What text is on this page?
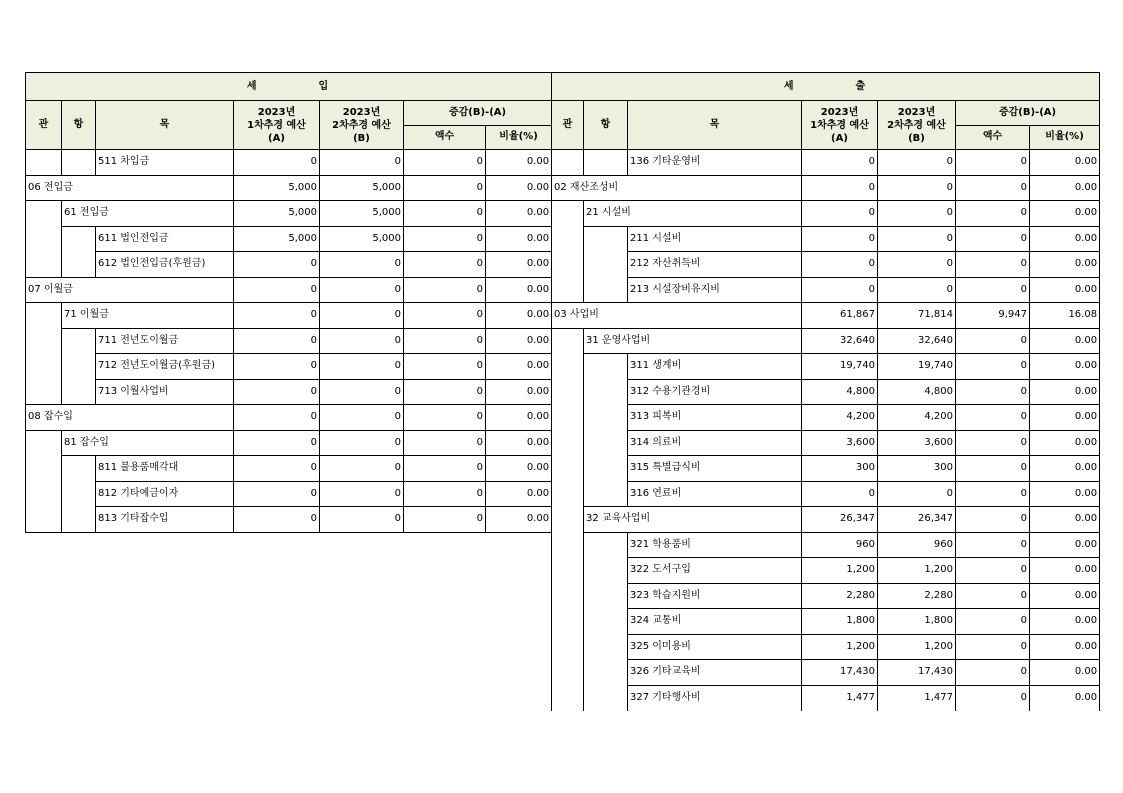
세 입						
관	항	목	2023년
1차추경 예산
(A)	2023년
2차추경 예산
(B)	증감(B)-(A)	
					액수	비율(%)
		511 차입금	0	0	0	0.00
06 전입금			5,000	5,000	0	0.00
	61 전입금		5,000	5,000	0	0.00
		611 법인전입금	5,000	5,000	0	0.00
		612 법인전입금(후원금)	0	0	0	0.00
07 이월금			0	0	0	0.00
	71 이월금		0	0	0	0.00
		711 전년도이월금	0	0	0	0.00
		712 전년도이월금(후원금)	0	0	0	0.00
		713 이월사업비	0	0	0	0.00
08 잡수입			0	0	0	0.00
	81 잡수입		0	0	0	0.00
		811 불용품매각대	0	0	0	0.00
		812 기타예금이자	0	0	0	0.00
		813 기타잡수입	0	0	0	0.00
세 출						
관	항	목	2023년
1차추경 예산
(A)	2023년
2차추경 예산
(B)	증감(B)-(A)	
					액수	비율(%)
		136 기타운영비	0	0	0	0.00
02 재산조성비			0	0	0	0.00
	21 시설비		0	0	0	0.00
		211 시설비	0	0	0	0.00
		212 자산취득비	0	0	0	0.00
		213 시설장비유지비	0	0	0	0.00
03 사업비			61,867	71,814	9,947	16.08
	31 운영사업비		32,640	32,640	0	0.00
		311 생계비	19,740	19,740	0	0.00
		312 수용기관경비	4,800	4,800	0	0.00
		313 피복비	4,200	4,200	0	0.00
		314 의료비	3,600	3,600	0	0.00
		315 특별급식비	300	300	0	0.00
		316 연료비	0	0	0	0.00
	32 교육사업비		26,347	26,347	0	0.00
		321 학용품비	960	960	0	0.00
		322 도서구입	1,200	1,200	0	0.00
		323 학습지원비	2,280	2,280	0	0.00
		324 교통비	1,800	1,800	0	0.00
		325 이미용비	1,200	1,200	0	0.00
		326 기타교육비	17,430	17,430	0	0.00
		327 기타행사비	1,477	1,477	0	0.00
